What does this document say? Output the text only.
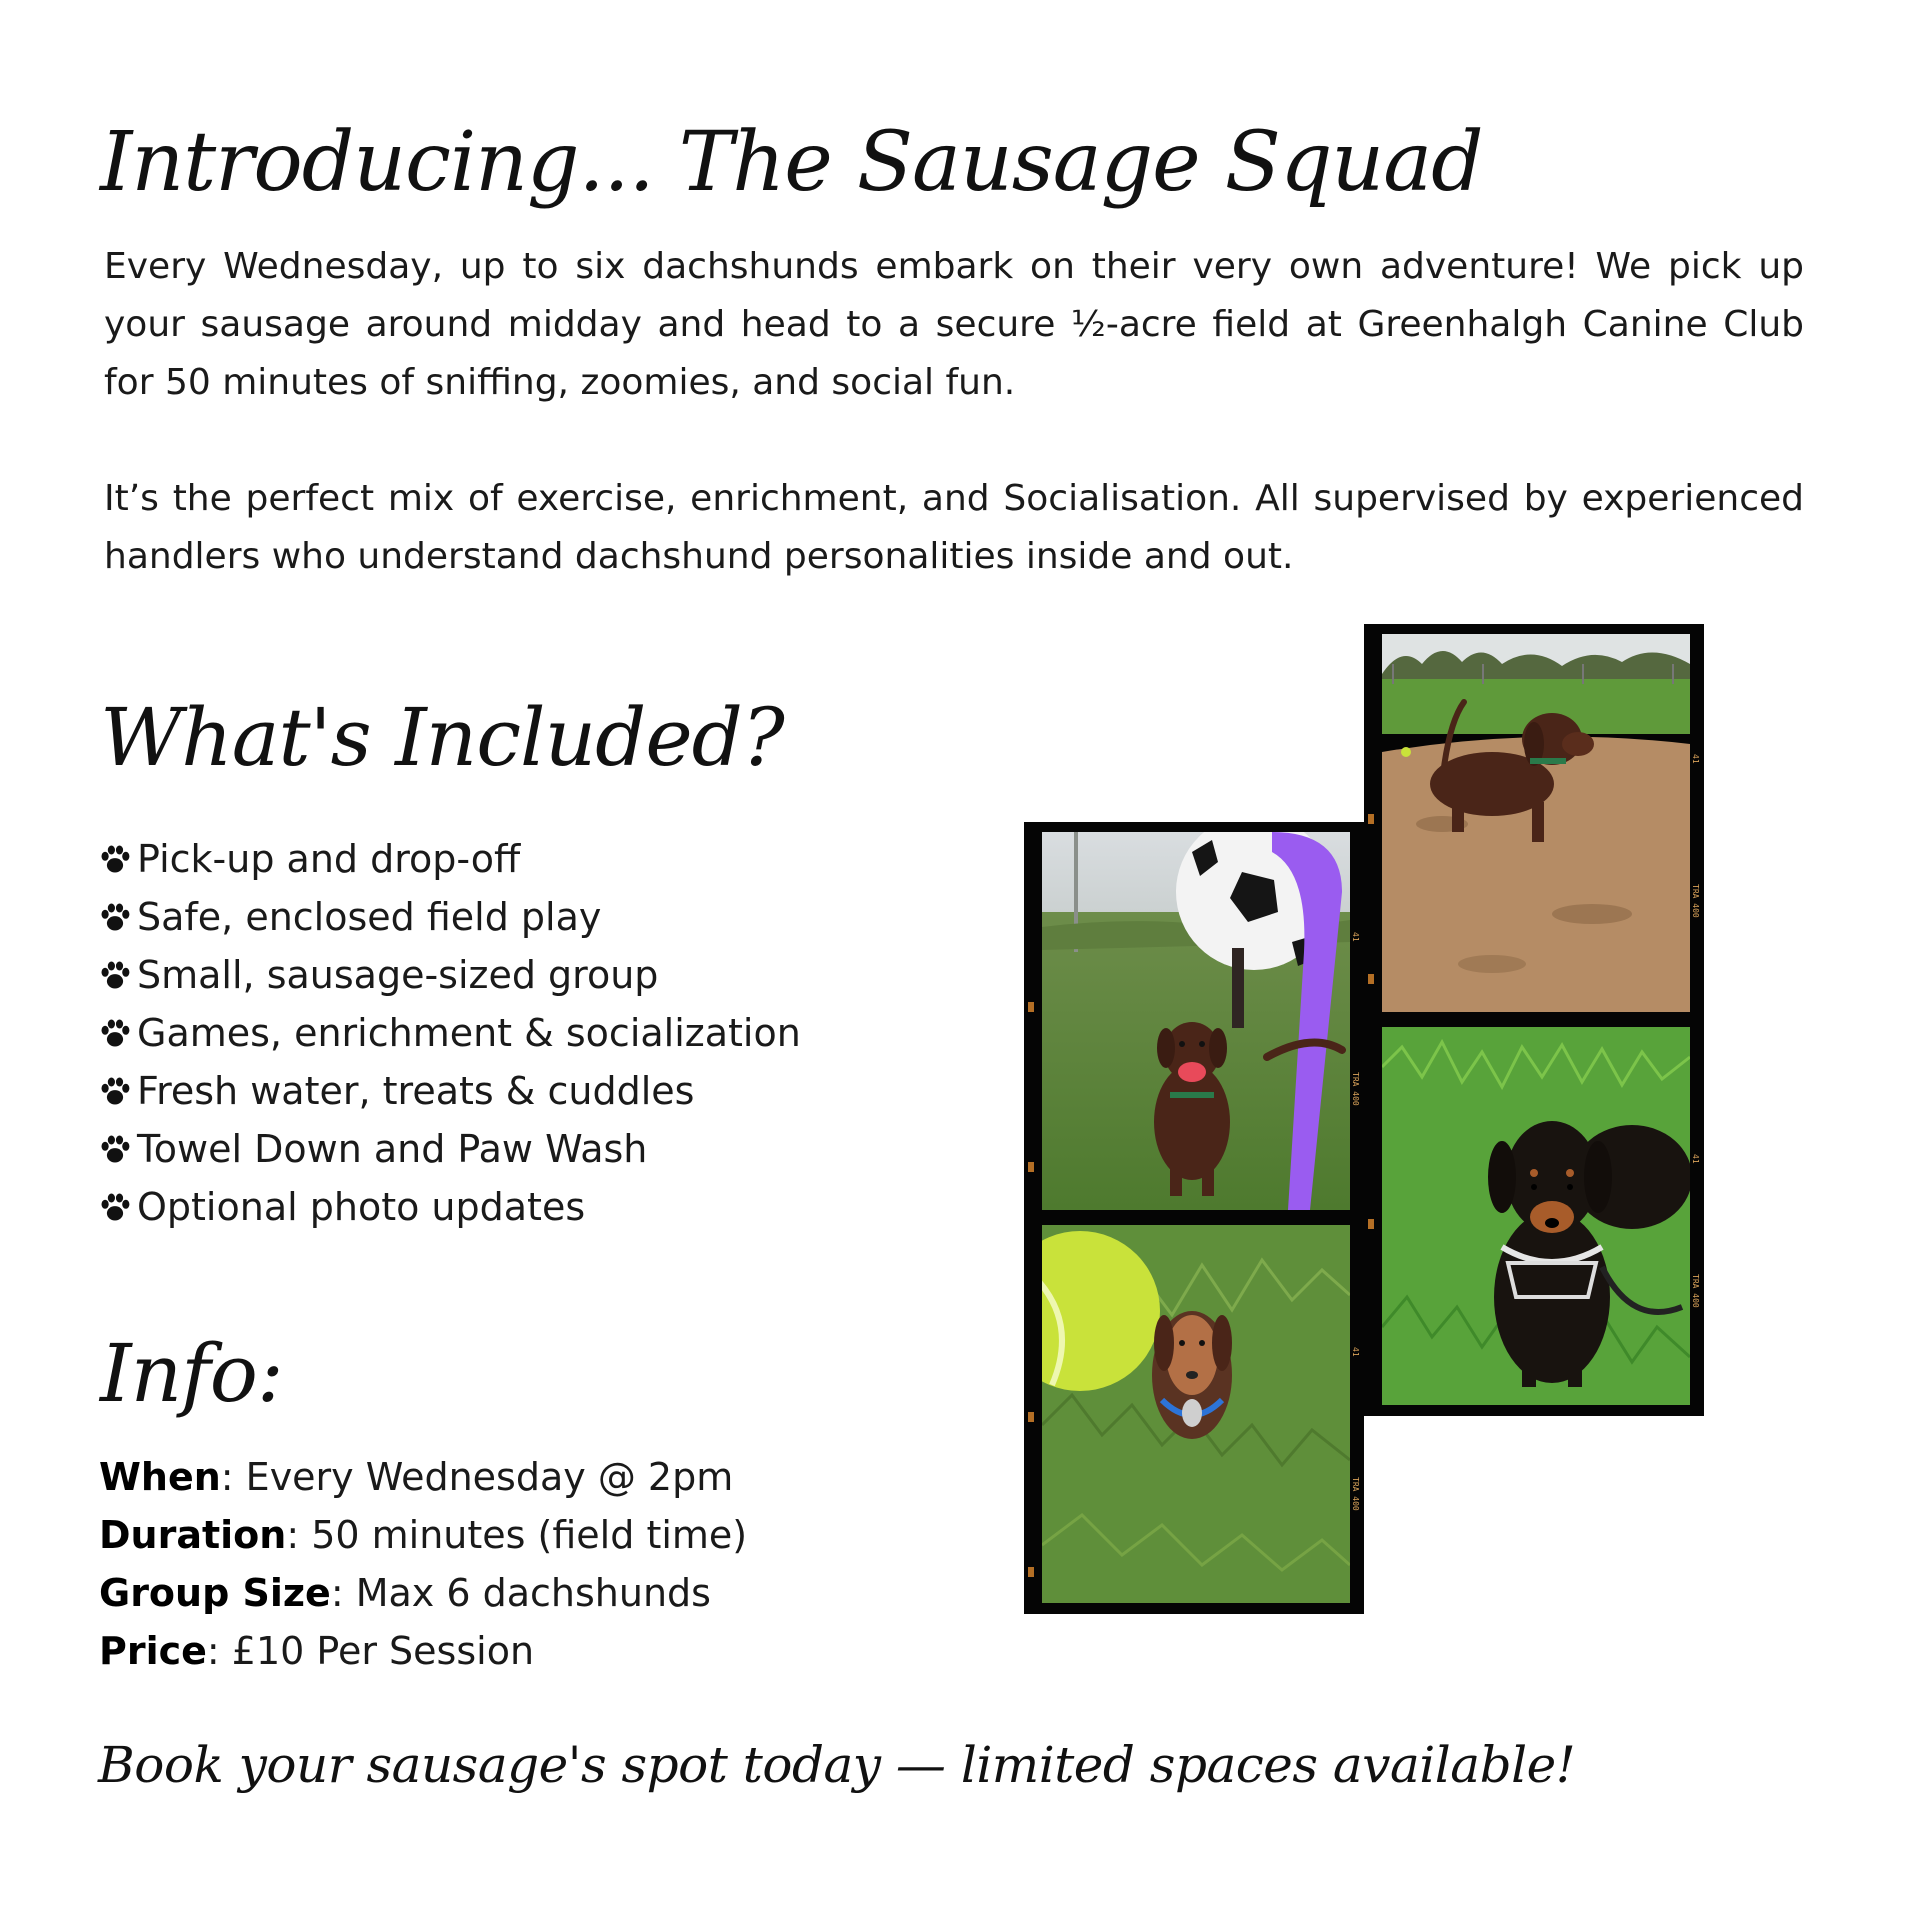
Introducing... The Sausage Squad

Every Wednesday, up to six dachshunds embark on their very own adventure! We pick up your sausage around midday and head to a secure ½-acre field at Greenhalgh Canine Club for 50 minutes of sniffing, zoomies, and social fun.

It’s the perfect mix of exercise, enrichment, and Socialisation. All supervised by experienced handlers who understand dachshund personalities inside and out.

What's Included?
Pick-up and drop-off
Safe, enclosed field play
Small, sausage-sized group
Games, enrichment & socialization
Fresh water, treats & cuddles
Towel Down and Paw Wash
Optional photo updates
Info:
When: Every Wednesday @ 2pm
Duration: 50 minutes (field time)
Group Size: Max 6 dachshunds
Price: £10 Per Session

Book your sausage's spot today — limited spaces available!

41
TRA 400
41
TRA 400
41
TRA 400
41
TRA 400
